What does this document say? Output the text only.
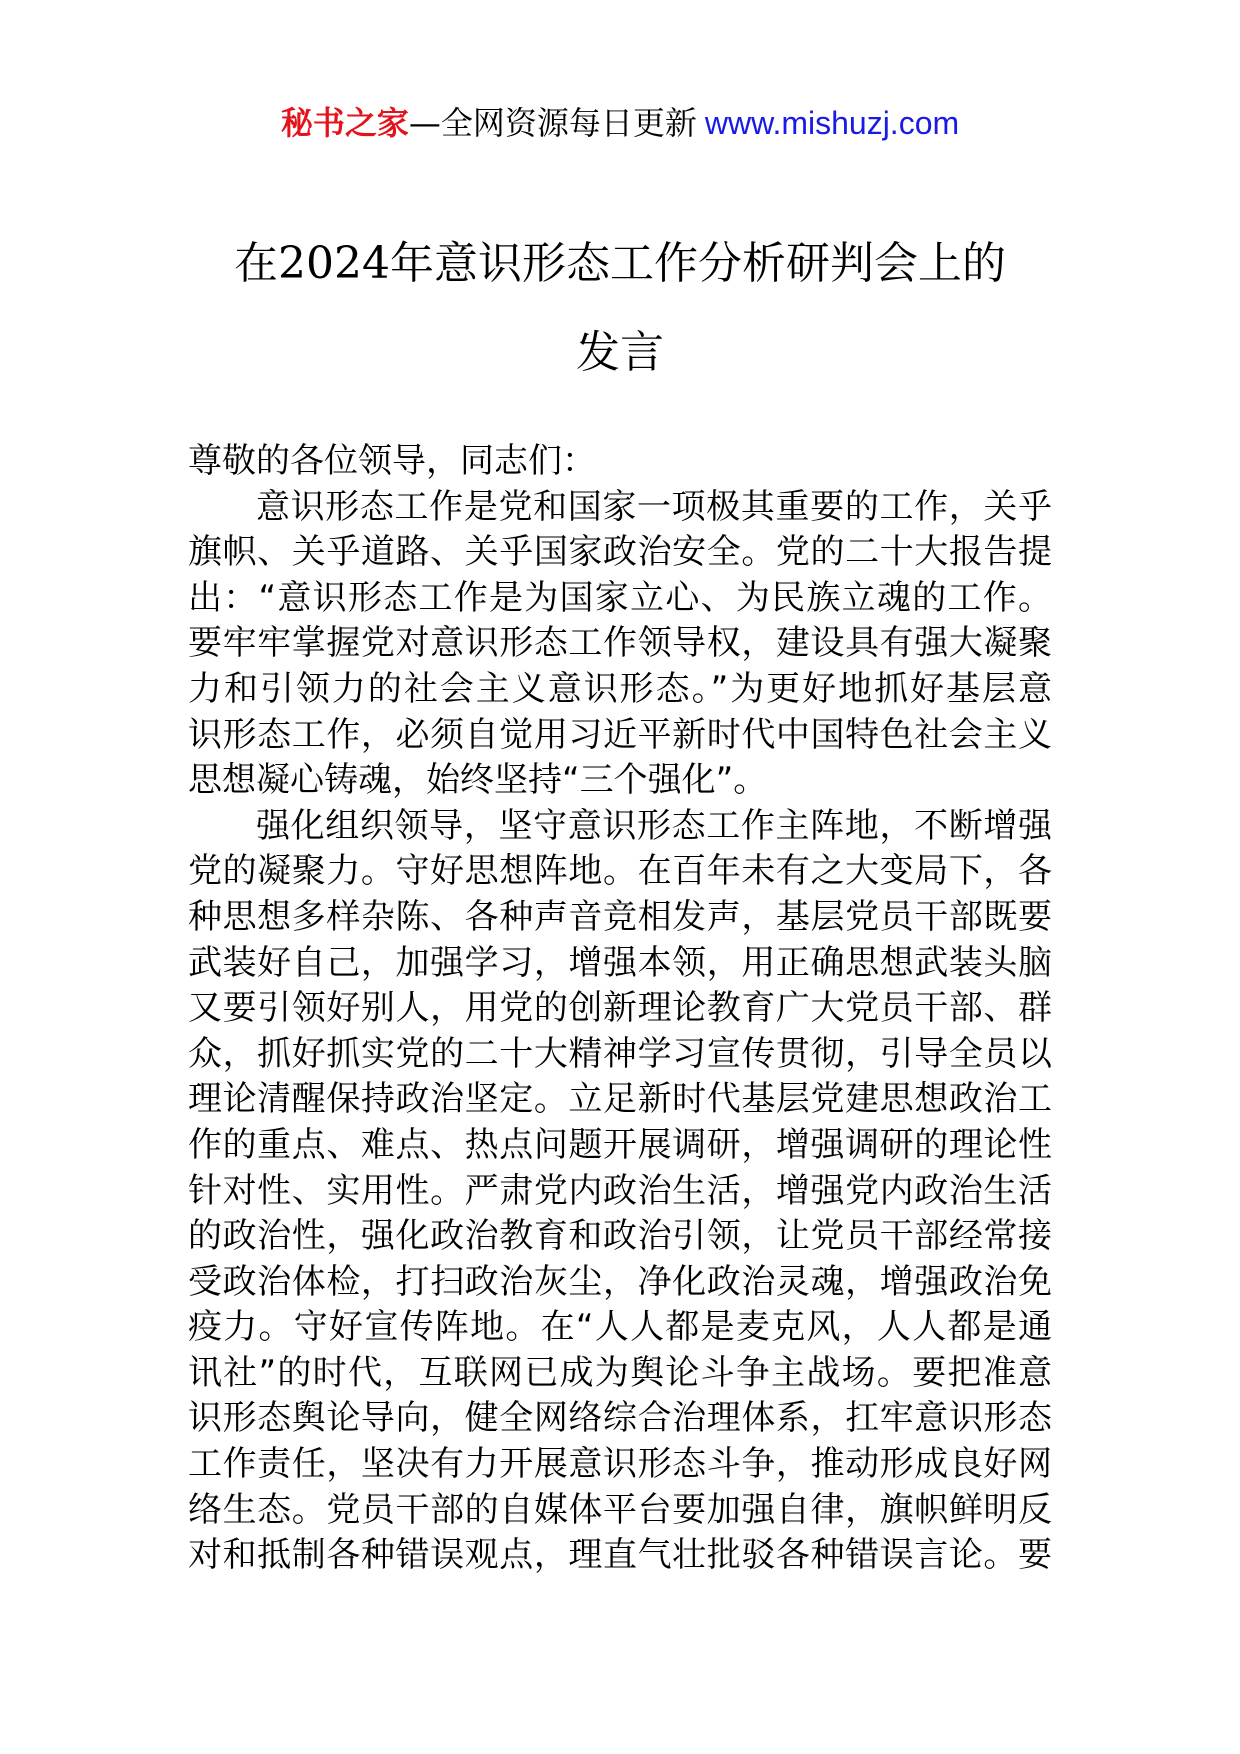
秘书之家—全网资源每日更新 www.mishuzj.com
在2024年意识形态工作分析研判会上的
发言
尊敬的各位领导，同志们：
意识形态工作是党和国家一项极其重要的工作，关乎
旗帜、关乎道路、关乎国家政治安全。党的二十大报告提
出：“意识形态工作是为国家立心、为民族立魂的工作。
要牢牢掌握党对意识形态工作领导权，建设具有强大凝聚
力和引领力的社会主义意识形态。”为更好地抓好基层意
识形态工作，必须自觉用习近平新时代中国特色社会主义
思想凝心铸魂，始终坚持“三个强化”。
强化组织领导，坚守意识形态工作主阵地，不断增强
党的凝聚力。守好思想阵地。在百年未有之大变局下，各
种思想多样杂陈、各种声音竞相发声，基层党员干部既要
武装好自己，加强学习，增强本领，用正确思想武装头脑
又要引领好别人，用党的创新理论教育广大党员干部、群
众，抓好抓实党的二十大精神学习宣传贯彻，引导全员以
理论清醒保持政治坚定。立足新时代基层党建思想政治工
作的重点、难点、热点问题开展调研，增强调研的理论性
针对性、实用性。严肃党内政治生活，增强党内政治生活
的政治性，强化政治教育和政治引领，让党员干部经常接
受政治体检，打扫政治灰尘，净化政治灵魂，增强政治免
疫力。守好宣传阵地。在“人人都是麦克风，人人都是通
讯社”的时代，互联网已成为舆论斗争主战场。要把准意
识形态舆论导向，健全网络综合治理体系，扛牢意识形态
工作责任，坚决有力开展意识形态斗争，推动形成良好网
络生态。党员干部的自媒体平台要加强自律，旗帜鲜明反
对和抵制各种错误观点，理直气壮批驳各种错误言论。要
